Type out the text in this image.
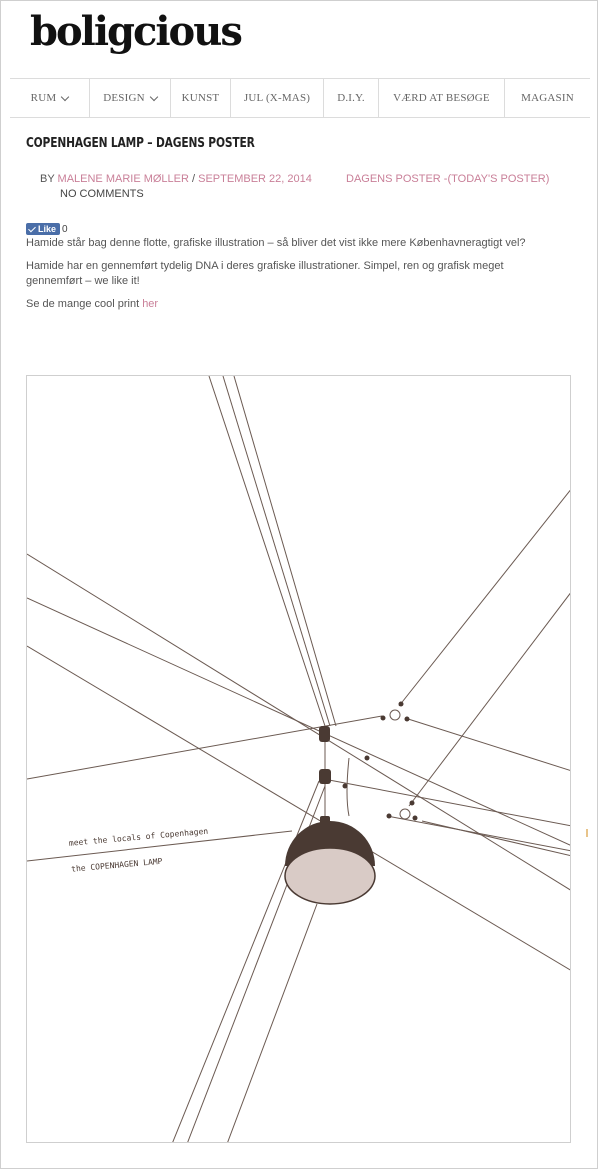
boligcious
RUM	DESIGN	KUNST JUL (X-MAS) D.I.Y.	VÆRD AT BESØGE	MAGASIN
COPENHAGEN LAMP – DAGENS POSTER
BY MALENE MARIE MØLLER / SEPTEMBER 22, 2014	DAGENS POSTER -(TODAY'S POSTER)
NO COMMENTS
Like 0

Hamide står bag denne flotte, grafiske illustration – så bliver det vist ikke mere Københavneragtigt vel?

Hamide har en gennemført tydelig DNA i deres grafiske illustrationer. Simpel, ren og grafisk meget gennemført – we like it!

Se de mange cool print her

meet the locals of Copenhagen
the COPENHAGEN LAMP
